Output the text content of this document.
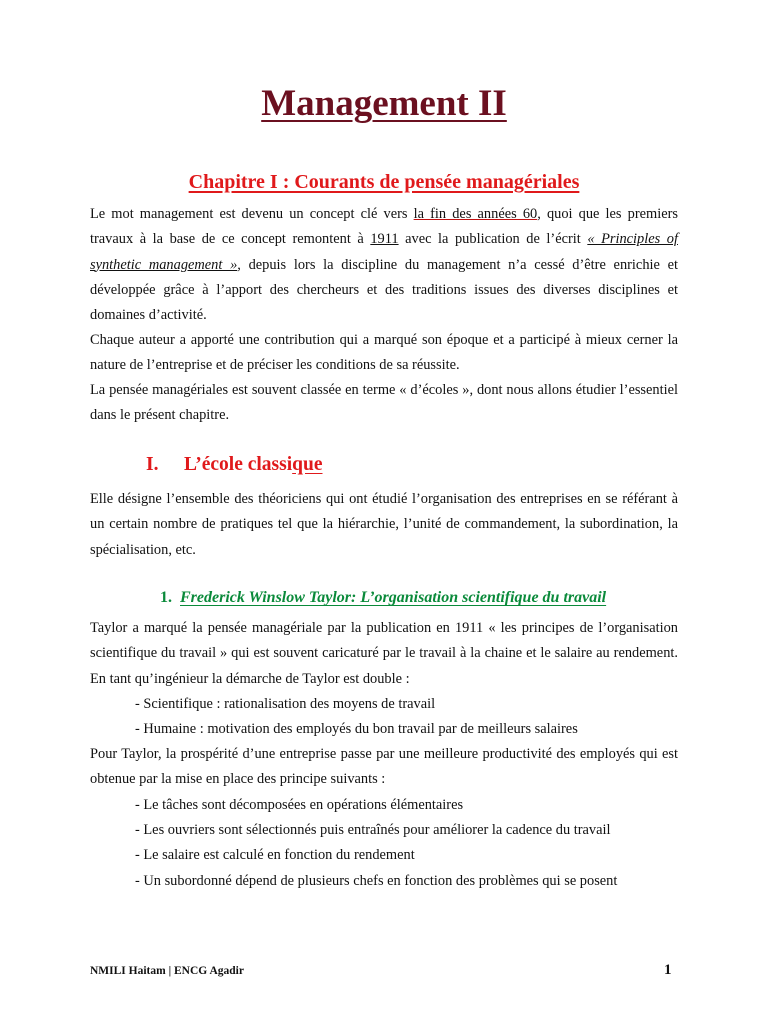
Management II
Chapitre I : Courants de pensée managériales

Le mot management est devenu un concept clé vers la fin des années 60, quoi que les premiers travaux à la base de ce concept remontent à 1911 avec la publication de l’écrit « Principles of synthetic management », depuis lors la discipline du management n’a cessé d’être enrichie et développée grâce à l’apport des chercheurs et des traditions issues des diverses disciplines et domaines d’activité.

Chaque auteur a apporté une contribution qui a marqué son époque et a participé à mieux cerner la nature de l’entreprise et de préciser les conditions de sa réussite.

La pensée managériales est souvent classée en terme « d’écoles », dont nous allons étudier l’essentiel dans le présent chapitre.

I. L’école classique

Elle désigne l’ensemble des théoriciens qui ont étudié l’organisation des entreprises en se référant à un certain nombre de pratiques tel que la hiérarchie, l’unité de commandement, la subordination, la spécialisation, etc.

1. Frederick Winslow Taylor: L’organisation scientifique du travail

Taylor a marqué la pensée managériale par la publication en 1911 « les principes de l’organisation scientifique du travail » qui est souvent caricaturé par le travail à la chaine et le salaire au rendement. En tant qu’ingénieur la démarche de Taylor est double :

- Scientifique : rationalisation des moyens de travail

- Humaine : motivation des employés du bon travail par de meilleurs salaires

Pour Taylor, la prospérité d’une entreprise passe par une meilleure productivité des employés qui est obtenue par la mise en place des principe suivants :

- Le tâches sont décomposées en opérations élémentaires

- Les ouvriers sont sélectionnés puis entraînés pour améliorer la cadence du travail

- Le salaire est calculé en fonction du rendement

- Un subordonné dépend de plusieurs chefs en fonction des problèmes qui se posent

NMILI Haitam | ENCG Agadir	1
